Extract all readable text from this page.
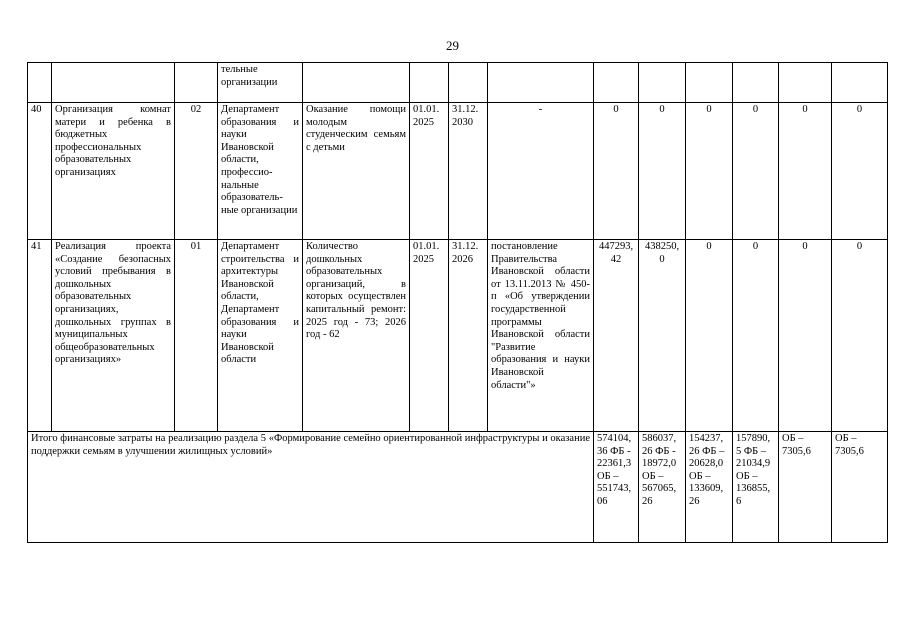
29
			тельные организации										
40	Организация комнат матери и ребенка в бюджетных профессиональных образовательных организациях	02	Департамент образования и науки Ивановской области, профессио-нальные образователь-ные организации	Оказание помощи молодым студенческим семьям с детьми	01.01. 2025	31.12. 2030	-	0	0	0	0	0	0
41	Реализация проекта «Создание безопасных условий пребывания в дошкольных образовательных организациях, дошкольных группах в муниципальных общеобразовательных организациях»	01	Департамент строительства и архитектуры Ивановской области, Департамент образования и науки Ивановской области	Количество дошкольных образовательных организаций, в которых осуществлен капитальный ремонт: 2025 год - 73; 2026 год - 62	01.01. 2025	31.12. 2026	постановление Правительства Ивановской области от 13.11.2013 № 450-п «Об утверждении государственной программы Ивановской области "Развитие образования и науки Ивановской области"»	447293, 42	438250, 0	0	0	0	0
Итого финансовые затраты на реализацию раздела 5 «Формирование семейно ориентированной инфраструктуры и оказание поддержки семьям в улучшении жилищных условий»								574104, 36 ФБ - 22361,3 ОБ – 551743, 06	586037, 26 ФБ - 18972,0 ОБ – 567065, 26	154237, 26 ФБ – 20628,0 ОБ – 133609, 26	157890, 5 ФБ – 21034,9 ОБ – 136855, 6	ОБ – 7305,6	ОБ – 7305,6
